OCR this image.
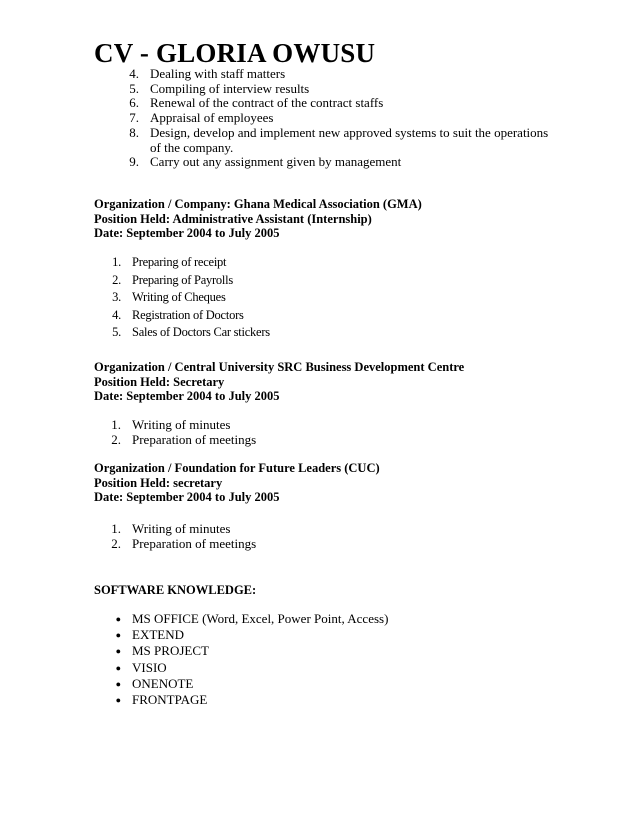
CV - GLORIA OWUSU
4. Dealing with staff matters
5. Compiling of interview results
6. Renewal of the contract of the contract staffs
7. Appraisal of employees
8. Design, develop and implement new approved systems to suit the operations of the company.
9. Carry out any assignment given by management
Organization / Company: Ghana Medical Association (GMA)
Position Held: Administrative Assistant (Internship)
Date: September 2004 to July 2005
1. Preparing of receipt
2. Preparing of Payrolls
3. Writing of Cheques
4. Registration of Doctors
5. Sales of Doctors Car stickers
Organization / Central University SRC Business Development Centre
Position Held: Secretary
Date: September 2004 to July 2005
1. Writing of minutes
2. Preparation of meetings
Organization / Foundation for Future Leaders (CUC)
Position Held: secretary
Date: September 2004 to July 2005
1. Writing of minutes
2. Preparation of meetings
SOFTWARE KNOWLEDGE:
● MS OFFICE (Word, Excel, Power Point, Access)
● EXTEND
● MS PROJECT
● VISIO
● ONENOTE
● FRONTPAGE
